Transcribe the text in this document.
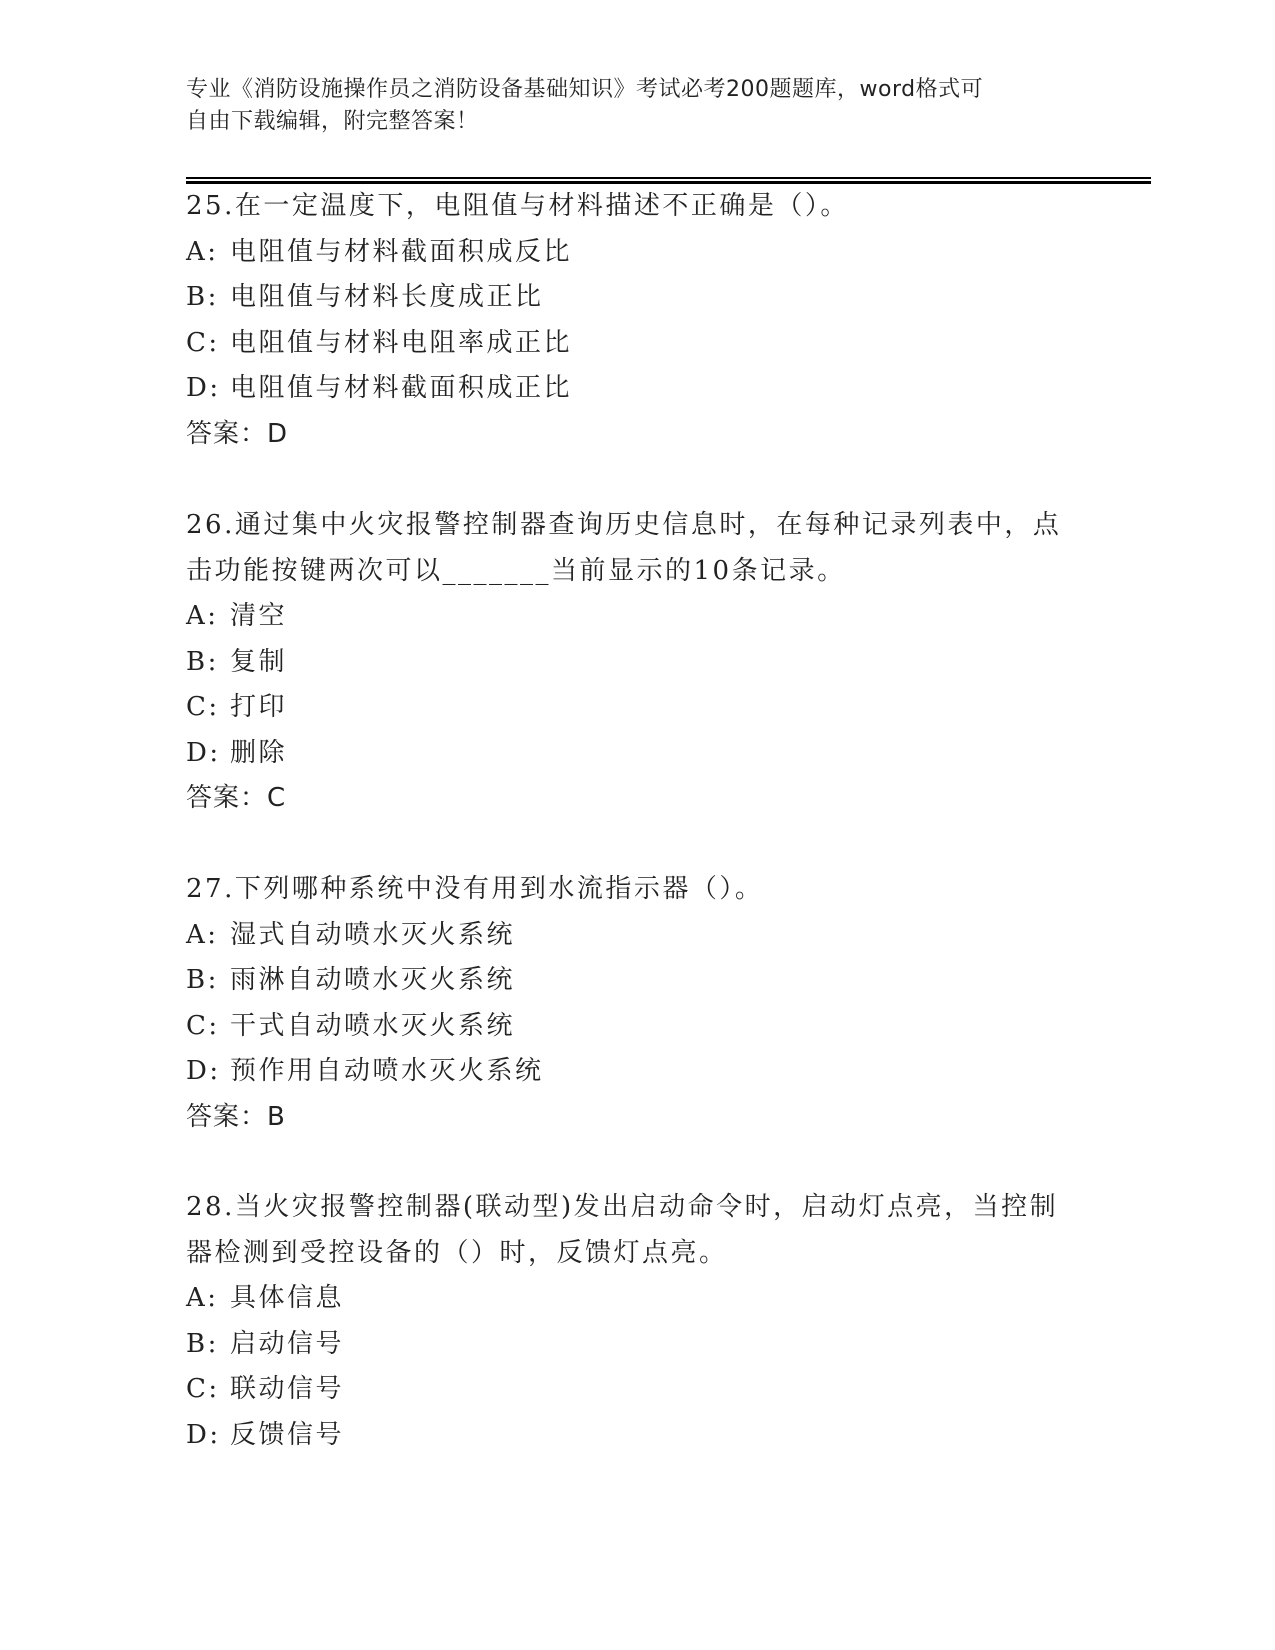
专业《消防设施操作员之消防设备基础知识》考试必考200题题库，word格式可
自由下载编辑，附完整答案！
25.在一定温度下，电阻值与材料描述不正确是（）。
A: 电阻值与材料截面积成反比
B: 电阻值与材料长度成正比
C: 电阻值与材料电阻率成正比
D: 电阻值与材料截面积成正比
答案：D
26.通过集中火灾报警控制器查询历史信息时，在每种记录列表中，点
击功能按键两次可以_______当前显示的10条记录。
A: 清空
B: 复制
C: 打印
D: 删除
答案：C
27.下列哪种系统中没有用到水流指示器（）。
A: 湿式自动喷水灭火系统
B: 雨淋自动喷水灭火系统
C: 干式自动喷水灭火系统
D: 预作用自动喷水灭火系统
答案：B
28.当火灾报警控制器(联动型)发出启动命令时，启动灯点亮，当控制
器检测到受控设备的（）时，反馈灯点亮。
A: 具体信息
B: 启动信号
C: 联动信号
D: 反馈信号
